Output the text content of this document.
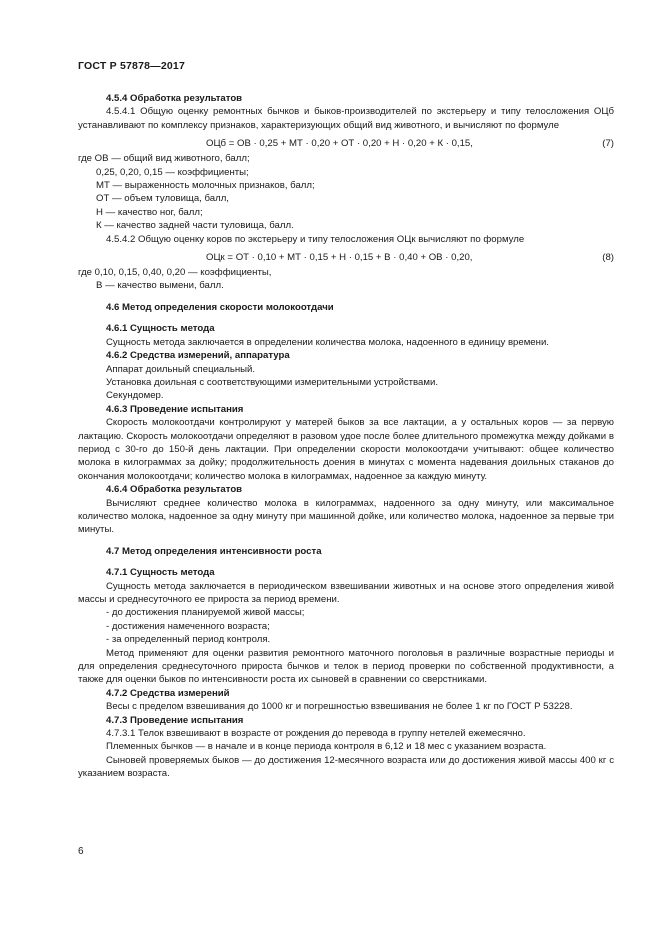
ГОСТ Р 57878—2017

4.5.4 Обработка результатов

4.5.4.1 Общую оценку ремонтных бычков и быков-производителей по экстерьеру и типу телосложения ОЦб устанавливают по комплексу признаков, характеризующих общий вид животного, и вычисляют по формуле

ОЦб = ОВ · 0,25 + МТ · 0,20 + ОТ · 0,20 + Н · 0,20 + К · 0,15,	(7)

где ОВ — общий вид животного, балл;

0,25, 0,20, 0,15 — коэффициенты;

МТ — выраженность молочных признаков, балл;

ОТ — объем туловища, балл,

Н — качество ног, балл;

К — качество задней части туловища, балл.

4.5.4.2 Общую оценку коров по экстерьеру и типу телосложения ОЦк вычисляют по формуле

ОЦк = ОТ · 0,10 + МТ · 0,15 + Н · 0,15 + В · 0,40 + ОВ · 0,20,	(8)

где 0,10, 0,15, 0,40, 0,20 — коэффициенты,

В — качество вымени, балл.

4.6 Метод определения скорости молокоотдачи

4.6.1 Сущность метода

Сущность метода заключается в определении количества молока, надоенного в единицу времени.

4.6.2 Средства измерений, аппаратура

Аппарат доильный специальный.

Установка доильная с соответствующими измерительными устройствами.

Секундомер.

4.6.3 Проведение испытания

Скорость молокоотдачи контролируют у матерей быков за все лактации, а у остальных коров — за первую лактацию. Скорость молокоотдачи определяют в разовом удое после более длительного промежутка между дойками в период с 30-го до 150-й день лактации. При определении скорости молокоотдачи учитывают: общее количество молока в килограммах за дойку; продолжительность доения в минутах с момента надевания доильных стаканов до окончания молокоотдачи; количество молока в килограммах, надоенное за каждую минуту.

4.6.4 Обработка результатов

Вычисляют среднее количество молока в килограммах, надоенного за одну минуту, или максимальное количество молока, надоенное за одну минуту при машинной дойке, или количество молока, надоенное за первые три минуты.

4.7 Метод определения интенсивности роста

4.7.1 Сущность метода

Сущность метода заключается в периодическом взвешивании животных и на основе этого определения живой массы и среднесуточного ее прироста за период времени.

- до достижения планируемой живой массы;

- достижения намеченного возраста;

- за определенный период контроля.

Метод применяют для оценки развития ремонтного маточного поголовья в различные возрастные периоды и для определения среднесуточного прироста бычков и телок в период проверки по собственной продуктивности, а также для оценки быков по интенсивности роста их сыновей в сравнении со сверстниками.

4.7.2 Средства измерений

Весы с пределом взвешивания до 1000 кг и погрешностью взвешивания не более 1 кг по ГОСТ Р 53228.

4.7.3 Проведение испытания

4.7.3.1 Телок взвешивают в возрасте от рождения до перевода в группу нетелей ежемесячно.

Племенных бычков — в начале и в конце периода контроля в 6,12 и 18 мес с указанием возраста.

Сыновей проверяемых быков — до достижения 12-месячного возраста или до достижения живой массы 400 кг с указанием возраста.

6
